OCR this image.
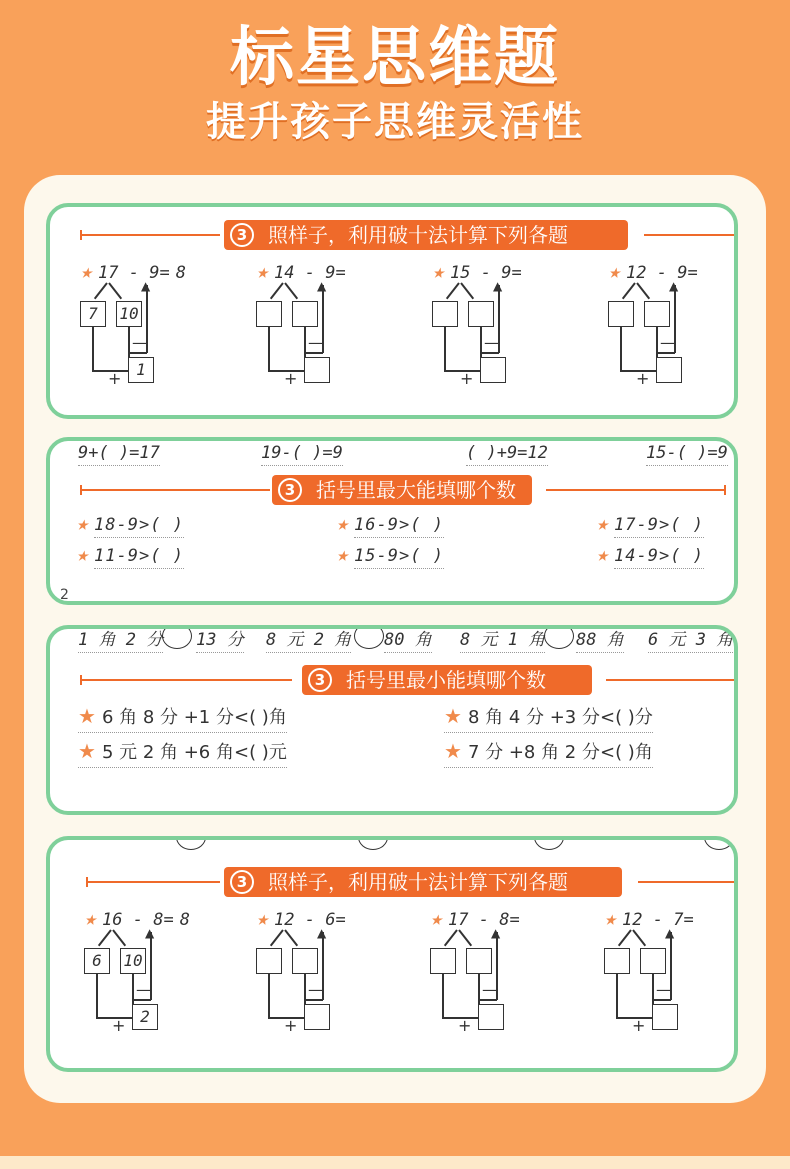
标星思维题
提升孩子思维灵活性
3	照样子，利用破十法计算下列各题
★ 17 - 9= 8
7	10
1
▲
+
—
★ 14 - 9=
▲
+
—
★ 15 - 9=
▲
+
—
★ 12 - 9=
▲
+
—
9+( )=17	19-( )=9	( )+9=12	15-( )=9
3	括号里最大能填哪个数
★ 18-9>( )	★ 16-9>( )	★ 17-9>( )
★ 11-9>( )	★ 15-9>( )	★ 14-9>( )
2
1 角 2 分 13 分 8 元 2 角 80 角 8 元 1 角 88 角 6 元 3 角
3	括号里最小能填哪个数
★ 6 角 8 分 +1 分<( )角	★ 8 角 4 分 +3 分<( )分
★ 5 元 2 角 +6 角<( )元	★ 7 分 +8 角 2 分<( )角
3	照样子，利用破十法计算下列各题
★ 16 - 8= 8
6	10
2
▲
+
—
★ 12 - 6=
▲
+
—
★ 17 - 8=
▲
+
—
★ 12 - 7=
▲
+
—
